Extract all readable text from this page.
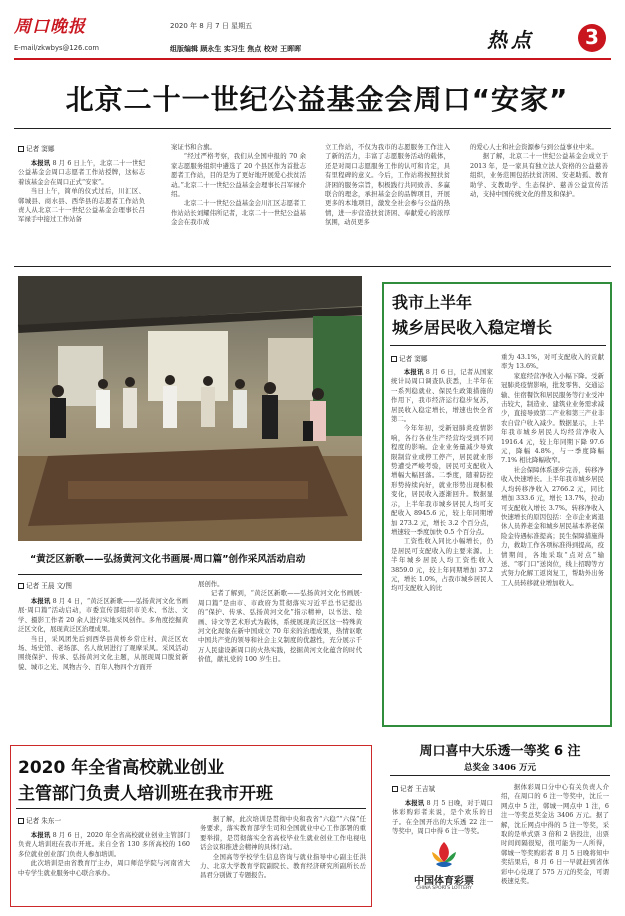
周口晚报
E-mail/zkwbys@126.com
2020 年 8 月 7 日 星期五
组版编辑 顾永生 实习生 焦点 校对 王晖晖	热点	3
北京二十一世纪公益基金会周口“安家”
记者 窦娜

本报讯 8 月 6 日上午，北京二十一世纪公益基金会周口志愿者工作站授牌，这标志着该基金会在周口正式“安家”。

当日上午，简单的仪式过后，川汇区、郸城县、商水县、西华县的志愿者工作站负责人从北京二十一世纪公益基金会理事长吕军禄手中接过工作站备

案证书和合旗。

“经过严格考察，我们从全国申报的 70 余家志愿服务组织中遴选了 20 个县区作为首批志愿者工作站，目的是为了更好地开展爱心扶贫活动。”北京二十一世纪公益基金会理事长吕军禄介绍。

北京二十一世纪公益基金会川汇区志愿者工作站站长刘耀伟所记者，北京二十一世纪公益基金会在我市成

立工作站，不仅为我市的志愿服务工作注入了新的活力，丰富了志愿服务活动的载体，还是对周口志愿服务工作的认可和肯定，具有里程碑的意义。今后，工作站将按照扶贫济困的服务宗旨，积极践行共同致善、多赢联合的理念，承担基金会的品牌项目，开展更多的本地项目，激发全社会参与公益的热情，进一步营造扶贫济困、奉献爱心的浓厚氛围，动员更多

的爱心人士和社会资源参与到公益事业中来。

据了解，北京二十一世纪公益基金会成立于 2013 年，是一家具有独立法人资格的公益慈善组织，业务范围包括扶贫济困、安老助孤、教育助学、支教助学、生态保护、慈善公益宣传活动，支持中国传统文化的普及和保护。

“黄泛区新歌——弘扬黄河文化书画展·周口篇”创作采风活动启动
记者 王晨 文/图

本报讯 8 月 4 日，“黄泛区新歌——弘扬黄河文化书画展·周口篇”活动启动，市委宣传部组织市美术、书法、文学、摄影工作者 20 余人进行实地采风创作。多角度挖掘黄泛区文化，展现黄泛区治理成果。

当日，采风团先后到西华县黄桥乡常庄村、黄泛区农场、场史馆、老场部、名人故居进行了观摩采风。采风活动围绕保护、传承、弘扬黄河文化主题，从展现周口脱贫新貌、城市之光、风物古今、百年人物四个方面开

展创作。

记者了解到，“黄泛区新歌——弘扬黄河文化书画展·周口篇”是由市、市政府为贯彻落实习近平总书记提出的“保护、传承、弘扬黄河文化”指示精神，以书法、绘画、诗文等艺术形式为载体，系统展现黄泛区这一特殊黄河文化现象在新中国成立 70 年来的治理成果，热情讴歌中国共产党的领导和社会主义制度的优越性，充分展示千万人民建设新周口的火热实践，挖掘黄河文化蕴含的时代价值，献礼党的 100 岁生日。

我市上半年
城乡居民收入稳定增长
记者 窦娜

本报讯 8 月 6 日，记者从国家统计局周口调查队获悉，上半年在一系列稳就业、保民生政策措施的作用下，我市经济运行稳步复苏，居民收入稳定增长，增速也快全省第二。

今年年初，受新冠肺炎疫情影响，各行各业生产经营均受到不同程度的影响。企业业务量减少导致限制营业或停工停产，居民就业形势遭受严峻考验，居民可支配收入增幅大幅回落。二季度，随着防控形势持续向好，就业形势出现积极变化，居民收入逐渐回升。数据显示，上半年我市城乡居民人均可支配收入 8945.6 元，较上年同期增加 273.2 元，增长 3.2 个百分点，增速较一季度加快 0.5 个百分点。

工资性收入同比小幅增长，仍是居民可支配收入的主要来源。上半年城乡居民人均工资性收入 3859.0 元，较上年同期增加 37.2 元，增长 1.0%，占我市城乡居民人均可支配收入的比

重为 43.1%，对可支配收入的贡献率为 13.6%。

家庭经营净收入小幅下降。受新冠肺炎疫情影响，批发零售、交通运输、住宿餐饮和居民服务等行业受冲击较大，制造业、建筑业业务需求减少，直接导致第二产业和第三产业非农自营户收入减少。数据显示，上半年我市城乡居民人均经营净收入 1916.4 元，较上年同期下降 97.6 元，降幅 4.8%，与一季度降幅 7.1% 相比降幅收窄。

社会保障体系逐步完善，转移净收入快速增长。上半年我市城乡居民人均转移净收入 2766.2 元，同比增加 333.6 元，增长 13.7%，拉动可支配收入增长 3.7%。转移净收入快速增长的原因包括：全市企业离退休人员养老金和城乡居民基本养老保险金待遇标准提高；民生保障措施得力，救助工作各项标准得到提高，疫情期间，各地采取“点对点”输送、“零门口”送岗位，线上招聘等方式努力化解工返岗复工，帮助外出务工人员转移就业增加收入。

2020 年全省高校就业创业
主管部门负责人培训班在我市开班
记者 朱东一

本报讯 8 月 6 日，2020 年全省高校就业创业主管部门负责人培训班在我市开班。来自全省 130 多所高校的 160 多位就业创业部门负责人参加培训。

此次培训是由省教育厅主办，周口师范学院与河南省大中专学生就业服务中心联合承办。

据了解，此次培训是贯彻中央和我省“六稳”“六保”任务要求，落实教育部学生司和全国就业中心工作部署的重要举措，是贯彻落实全省高校毕业生就业创业工作电视电话会议和推进会精神的具体行动。

全国高等学校学生信息咨询与就业指导中心副主任洪力、北京大学教育学院副院长、教育经济研究所副所长岳昌君分别做了专题报告。

周口喜中大乐透一等奖 6 注
总奖金 3406 万元
记者 王吉斌

本报讯 8 月 5 日晚，对于周口体彩购彩者来说，是个欢乐的日子。在全国开出的大乐透 22 注一等奖中，周口中得 6 注一等奖。

中国体育彩票
CHINA SPORTS LOTTERY

据体彩周口分中心有关负责人介绍，在周口的 6 注一等奖中，沈丘一网点中 5 注，郸城一网点中 1 注，6 注一等奖总奖金达 3406 万元。据了解，沈丘网点中得的 5 注一等奖，采取的是单式票 3 倍和 2 倍投注，出票时间间隔很短，很可能为一人所得，郸城一等奖购彩者 8 月 5 日晚将知中奖结果后，8 月 6 日一早就赶到省体彩中心兑现了 575 万元的奖金，可谓极速兑奖。
